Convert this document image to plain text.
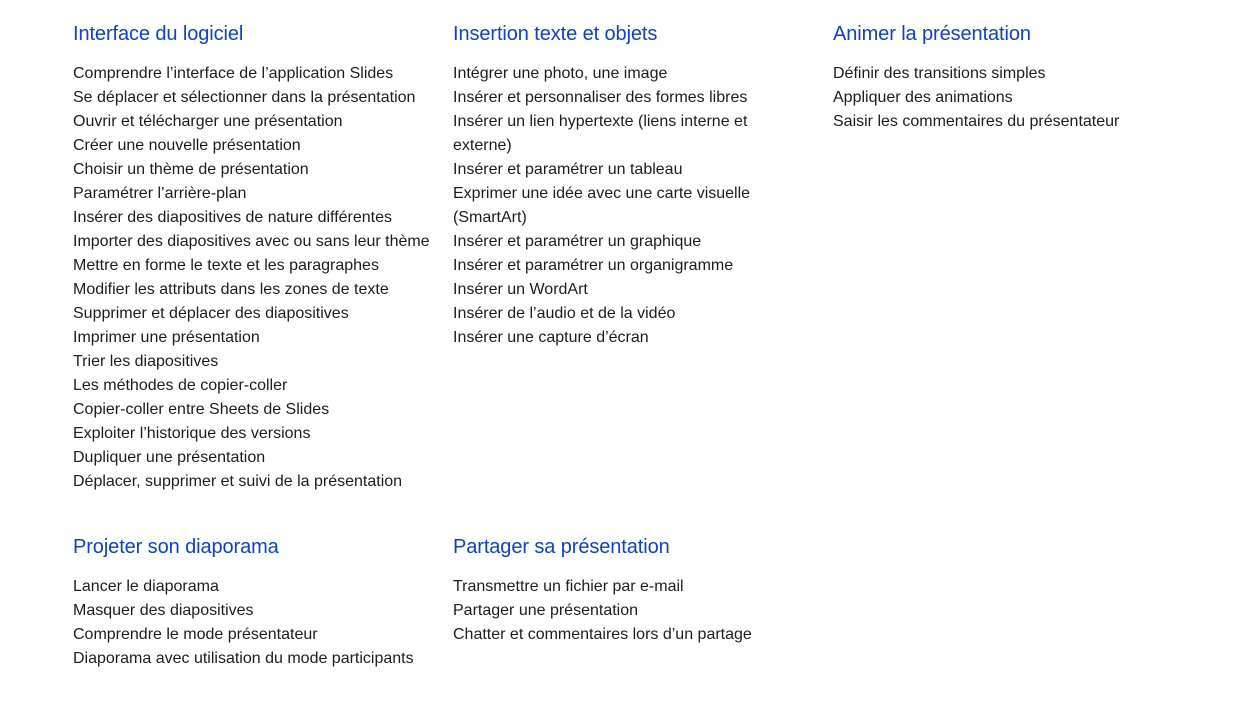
Interface du logiciel
Comprendre l’interface de l’application Slides
Se déplacer et sélectionner dans la présentation
Ouvrir et télécharger une présentation
Créer une nouvelle présentation
Choisir un thème de présentation
Paramétrer l’arrière-plan
Insérer des diapositives de nature différentes
Importer des diapositives avec ou sans leur thème
Mettre en forme le texte et les paragraphes
Modifier les attributs dans les zones de texte
Supprimer et déplacer des diapositives
Imprimer une présentation
Trier les diapositives
Les méthodes de copier-coller
Copier-coller entre Sheets de Slides
Exploiter l’historique des versions
Dupliquer une présentation
Déplacer, supprimer et suivi de la présentation
Insertion texte et objets
Intégrer une photo, une image
Insérer et personnaliser des formes libres
Insérer un lien hypertexte (liens interne et externe)
Insérer et paramétrer un tableau
Exprimer une idée avec une carte visuelle (SmartArt)
Insérer et paramétrer un graphique
Insérer et paramétrer un organigramme
Insérer un WordArt
Insérer de l’audio et de la vidéo
Insérer une capture d’écran
Animer la présentation
Définir des transitions simples
Appliquer des animations
Saisir les commentaires du présentateur
Projeter son diaporama
Lancer le diaporama
Masquer des diapositives
Comprendre le mode présentateur
Diaporama avec utilisation du mode participants
Partager sa présentation
Transmettre un fichier par e-mail
Partager une présentation
Chatter et commentaires lors d’un partage
